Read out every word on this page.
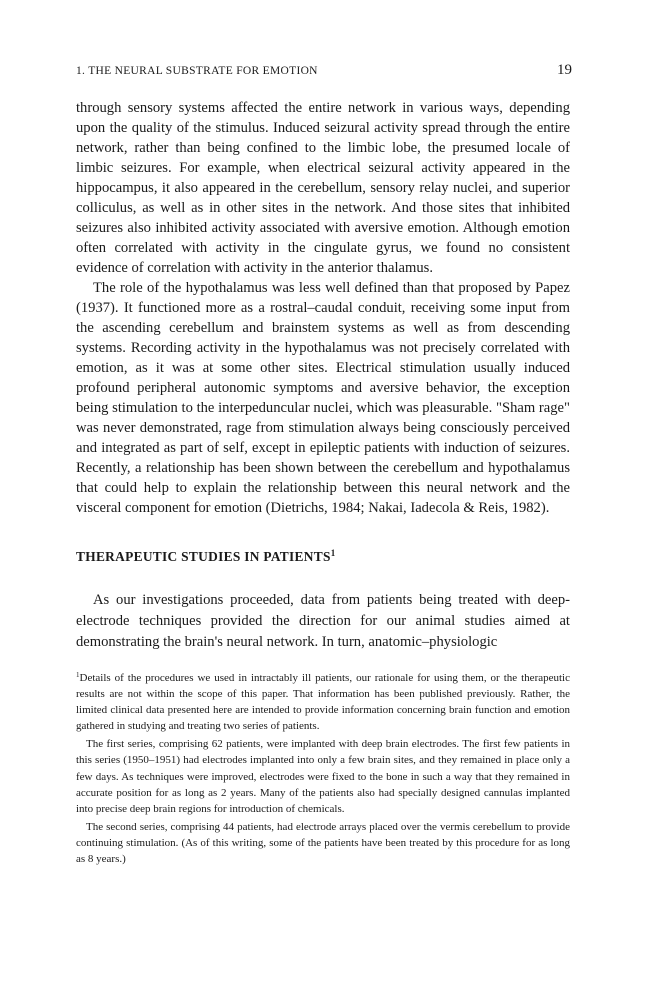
1. THE NEURAL SUBSTRATE FOR EMOTION	19

through sensory systems affected the entire network in various ways, depending upon the quality of the stimulus. Induced seizural activity spread through the entire network, rather than being confined to the limbic lobe, the presumed locale of limbic seizures. For example, when electrical seizural activity appeared in the hippocampus, it also appeared in the cerebellum, sensory relay nuclei, and superior colliculus, as well as in other sites in the network. And those sites that inhibited seizures also inhibited activity associated with aversive emotion. Although emotion often correlated with activity in the cingulate gyrus, we found no consistent evidence of correlation with activity in the anterior thalamus.

The role of the hypothalamus was less well defined than that proposed by Papez (1937). It functioned more as a rostral–caudal conduit, receiving some input from the ascending cerebellum and brainstem systems as well as from descending systems. Recording activity in the hypothalamus was not precisely correlated with emotion, as it was at some other sites. Electrical stimulation usually induced profound peripheral autonomic symptoms and aversive behavior, the exception being stimulation to the interpeduncular nuclei, which was pleasurable. "Sham rage" was never demonstrated, rage from stimulation always being consciously perceived and integrated as part of self, except in epileptic patients with induction of seizures. Recently, a relationship has been shown between the cerebellum and hypothalamus that could help to explain the relationship between this neural network and the visceral component for emotion (Dietrichs, 1984; Nakai, Iadecola & Reis, 1982).

THERAPEUTIC STUDIES IN PATIENTS$^1$

As our investigations proceeded, data from patients being treated with deep-electrode techniques provided the direction for our animal studies aimed at demonstrating the brain's neural network. In turn, anatomic–physiologic

$^1$Details of the procedures we used in intractably ill patients, our rationale for using them, or the therapeutic results are not within the scope of this paper. That information has been published previously. Rather, the limited clinical data presented here are intended to provide information concerning brain function and emotion gathered in studying and treating two series of patients.

The first series, comprising 62 patients, were implanted with deep brain electrodes. The first few patients in this series (1950–1951) had electrodes implanted into only a few brain sites, and they remained in place only a few days. As techniques were improved, electrodes were fixed to the bone in such a way that they remained in accurate position for as long as 2 years. Many of the patients also had specially designed cannulas implanted into precise deep brain regions for introduction of chemicals.

The second series, comprising 44 patients, had electrode arrays placed over the vermis cerebellum to provide continuing stimulation. (As of this writing, some of the patients have been treated by this procedure for as long as 8 years.)
